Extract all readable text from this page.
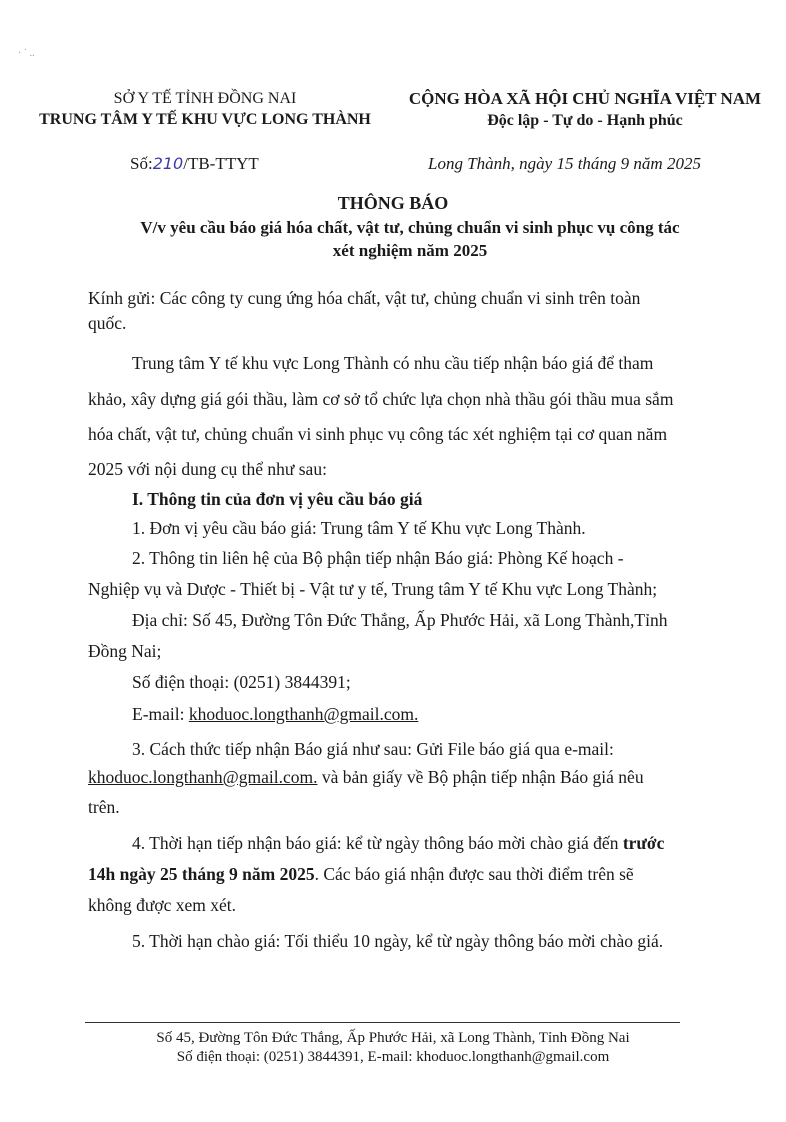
· ˙ ..
SỞ Y TẾ TỈNH ĐỒNG NAI
TRUNG TÂM Y TẾ KHU VỰC LONG THÀNH
CỘNG HÒA XÃ HỘI CHỦ NGHĨA VIỆT NAM
Độc lập - Tự do - Hạnh phúc
Số:210/TB-TTYT	Long Thành, ngày 15 tháng 9 năm 2025
THÔNG BÁO
V/v yêu cầu báo giá hóa chất, vật tư, chủng chuẩn vi sinh phục vụ công tác
xét nghiệm năm 2025
Kính gửi: Các công ty cung ứng hóa chất, vật tư, chủng chuẩn vi sinh trên toàn
quốc.
Trung tâm Y tế khu vực Long Thành có nhu cầu tiếp nhận báo giá để tham
khảo, xây dựng giá gói thầu, làm cơ sở tổ chức lựa chọn nhà thầu gói thầu mua sắm
hóa chất, vật tư, chủng chuẩn vi sinh phục vụ công tác xét nghiệm tại cơ quan năm
2025 với nội dung cụ thể như sau:
I. Thông tin của đơn vị yêu cầu báo giá
1. Đơn vị yêu cầu báo giá: Trung tâm Y tế Khu vực Long Thành.
2. Thông tin liên hệ của Bộ phận tiếp nhận Báo giá: Phòng Kế hoạch -
Nghiệp vụ và Dược - Thiết bị - Vật tư y tế, Trung tâm Y tế Khu vực Long Thành;
Địa chỉ: Số 45, Đường Tôn Đức Thắng, Ấp Phước Hải, xã Long Thành,Tỉnh
Đồng Nai;
Số điện thoại: (0251) 3844391;
E-mail: khoduoc.longthanh@gmail.com.
3. Cách thức tiếp nhận Báo giá như sau: Gửi File báo giá qua e-mail:
khoduoc.longthanh@gmail.com. và bản giấy về Bộ phận tiếp nhận Báo giá nêu
trên.
4. Thời hạn tiếp nhận báo giá: kể từ ngày thông báo mời chào giá đến trước
14h ngày 25 tháng 9 năm 2025. Các báo giá nhận được sau thời điểm trên sẽ
không được xem xét.
5. Thời hạn chào giá: Tối thiểu 10 ngày, kể từ ngày thông báo mời chào giá.
Số 45, Đường Tôn Đức Thắng, Ấp Phước Hải, xã Long Thành, Tỉnh Đồng Nai
Số điện thoại: (0251) 3844391, E-mail: khoduoc.longthanh@gmail.com
